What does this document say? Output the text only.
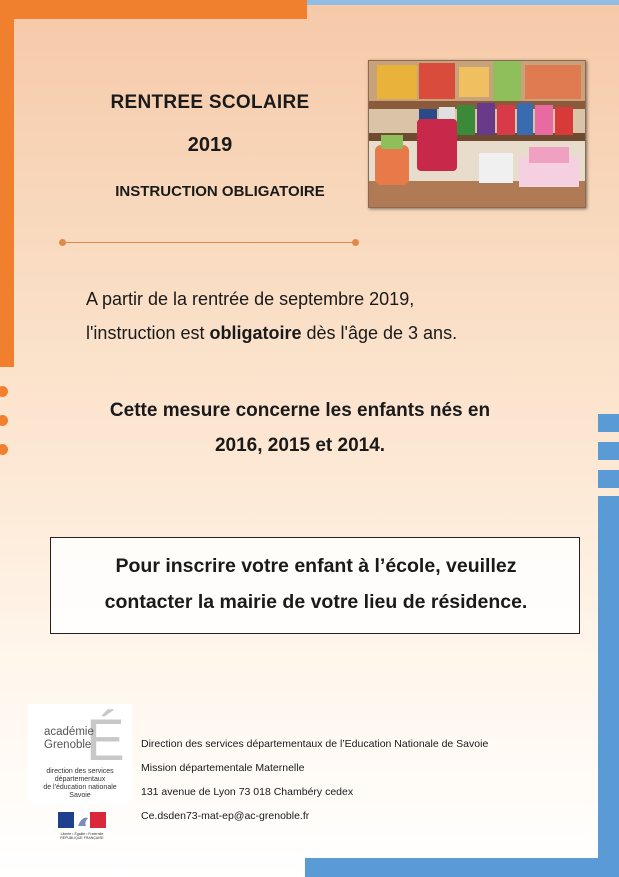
RENTREE SCOLAIRE
2019
INSTRUCTION OBLIGATOIRE
A partir de la rentrée de septembre 2019,
l'instruction est obligatoire dès l'âge de 3 ans.
Cette mesure concerne les enfants nés en
2016, 2015 et 2014.
Pour inscrire votre enfant à l’école, veuillez
contacter la mairie de votre lieu de résidence.
É
académie
Grenoble
direction des services
départementaux
de l'éducation nationale
Savoie
Liberté • Égalité • Fraternité
RÉPUBLIQUE FRANÇAISE
Direction des services départementaux de l’Education Nationale de Savoie
Mission départementale Maternelle
131 avenue de Lyon 73 018 Chambéry cedex
Ce.dsden73-mat-ep@ac-grenoble.fr
